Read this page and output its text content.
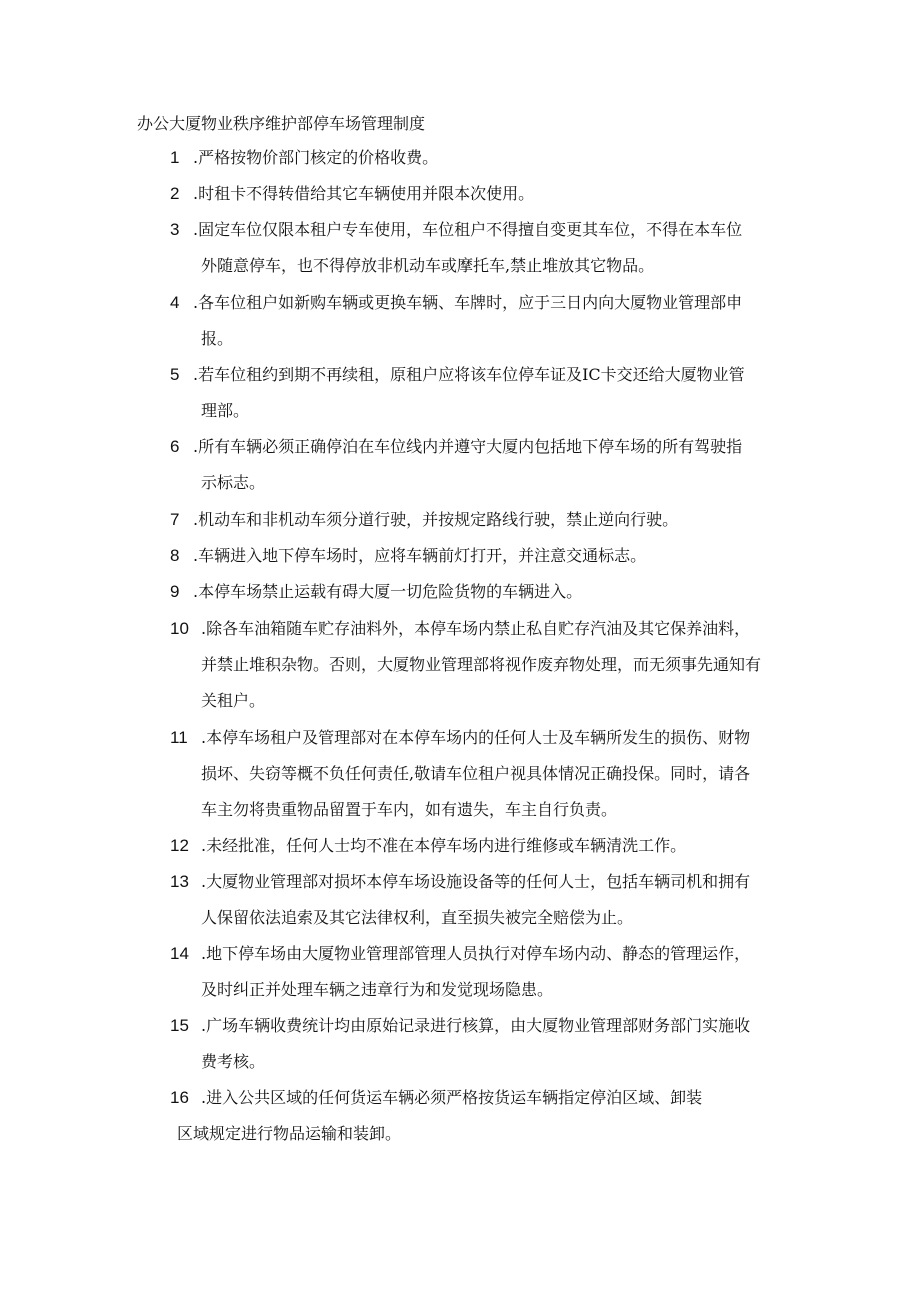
办公大厦物业秩序维护部停车场管理制度
1 .严格按物价部门核定的价格收费。
2 .时租卡不得转借给其它车辆使用并限本次使用。
3 .固定车位仅限本租户专车使用，车位租户不得擅自变更其车位，不得在本车位
外随意停车，也不得停放非机动车或摩托车,禁止堆放其它物品。
4 .各车位租户如新购车辆或更换车辆、车牌时，应于三日内向大厦物业管理部申
报。
5 .若车位租约到期不再续租，原租户应将该车位停车证及IC卡交还给大厦物业管
理部。
6 .所有车辆必须正确停泊在车位线内并遵守大厦内包括地下停车场的所有驾驶指
示标志。
7 .机动车和非机动车须分道行驶，并按规定路线行驶，禁止逆向行驶。
8 .车辆进入地下停车场时，应将车辆前灯打开，并注意交通标志。
9 .本停车场禁止运载有碍大厦一切危险货物的车辆进入。
10 .除各车油箱随车贮存油料外，本停车场内禁止私自贮存汽油及其它保养油料，
并禁止堆积杂物。否则，大厦物业管理部将视作废弃物处理，而无须事先通知有
关租户。
11 .本停车场租户及管理部对在本停车场内的任何人士及车辆所发生的损伤、财物
损坏、失窃等概不负任何责任,敬请车位租户视具体情况正确投保。同时，请各
车主勿将贵重物品留置于车内，如有遗失，车主自行负责。
12 .未经批准，任何人士均不准在本停车场内进行维修或车辆清洗工作。
13 .大厦物业管理部对损坏本停车场设施设备等的任何人士，包括车辆司机和拥有
人保留依法追索及其它法律权利，直至损失被完全赔偿为止。
14 .地下停车场由大厦物业管理部管理人员执行对停车场内动、静态的管理运作，
及时纠正并处理车辆之违章行为和发觉现场隐患。
15 .广场车辆收费统计均由原始记录进行核算，由大厦物业管理部财务部门实施收
费考核。
16 .进入公共区域的任何货运车辆必须严格按货运车辆指定停泊区域、卸装
区域规定进行物品运输和装卸。
